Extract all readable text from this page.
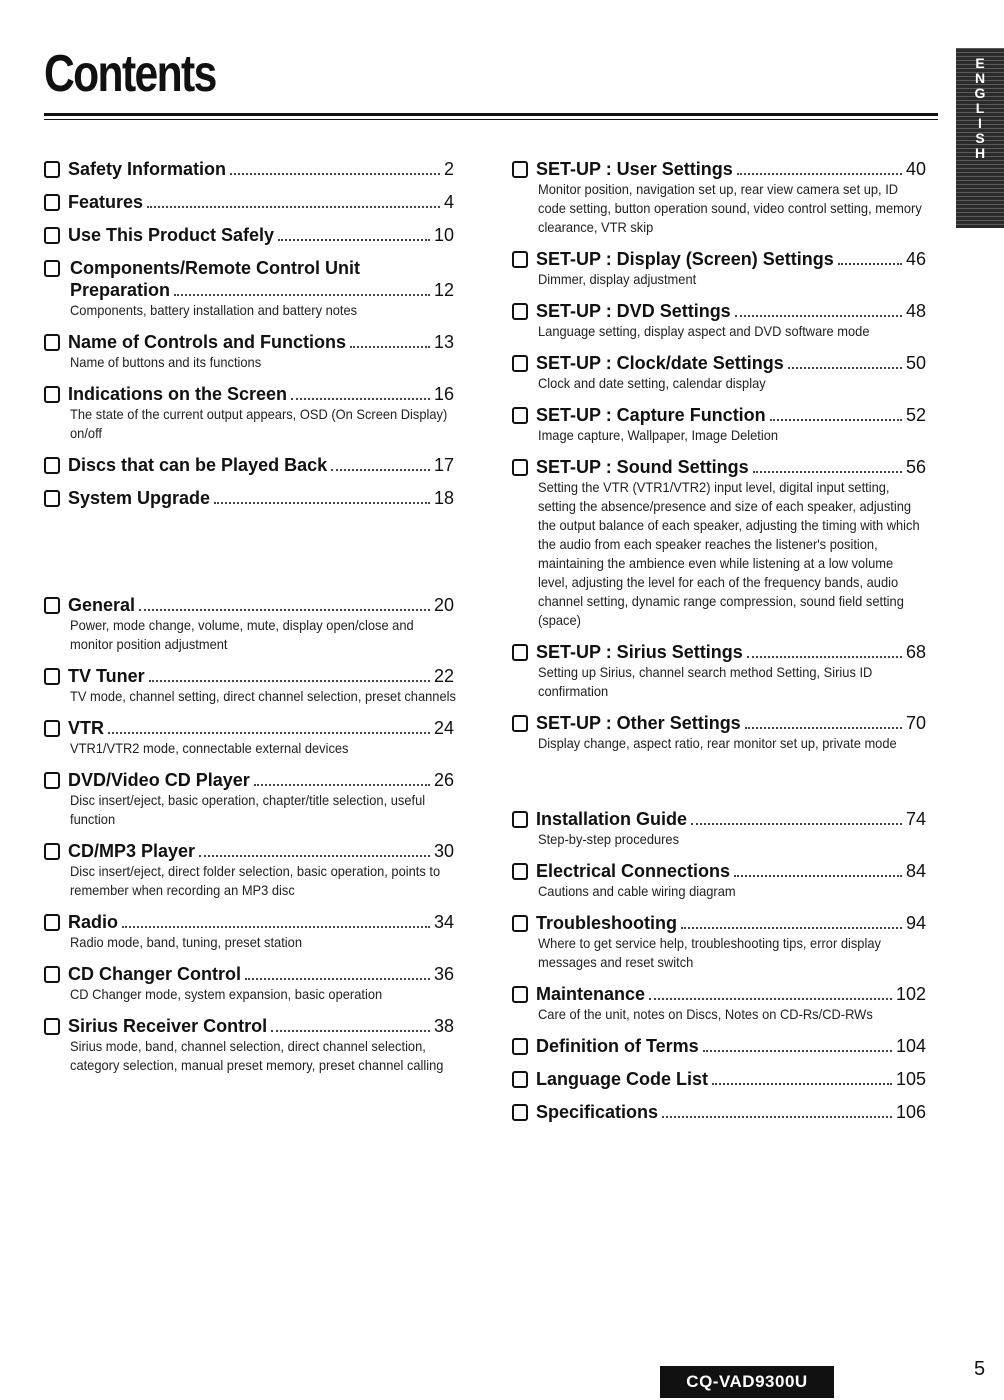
Contents	E
N
G
L
I
S
H
Safety Information	2
Features	4
Use This Product Safely	10
Components/Remote Control Unit
Preparation	12
Components, battery installation and battery notes
Name of Controls and Functions	13
Name of buttons and its functions
Indications on the Screen	16
The state of the current output appears, OSD (On Screen Display) on/off
Discs that can be Played Back	17
System Upgrade	18
General	20
Power, mode change, volume, mute, display open/close and monitor position adjustment
TV Tuner	22
TV mode, channel setting, direct channel selection, preset channels
VTR	24
VTR1/VTR2 mode, connectable external devices
DVD/Video CD Player	26
Disc insert/eject, basic operation, chapter/title selection, useful function
CD/MP3 Player	30
Disc insert/eject, direct folder selection, basic operation, points to remember when recording an MP3 disc
Radio	34
Radio mode, band, tuning, preset station
CD Changer Control	36
CD Changer mode, system expansion, basic operation
Sirius Receiver Control	38
Sirius mode, band, channel selection, direct channel selection, category selection, manual preset memory, preset channel calling
SET-UP : User Settings	40
Monitor position, navigation set up, rear view camera set up, ID code setting, button operation sound, video control setting, memory clearance, VTR skip
SET-UP : Display (Screen) Settings	46
Dimmer, display adjustment
SET-UP : DVD Settings	48
Language setting, display aspect and DVD software mode
SET-UP : Clock/date Settings	50
Clock and date setting, calendar display
SET-UP : Capture Function	52
Image capture, Wallpaper, Image Deletion
SET-UP : Sound Settings	56
Setting the VTR (VTR1/VTR2) input level, digital input setting, setting the absence/presence and size of each speaker, adjusting the output balance of each speaker, adjusting the timing with which the audio from each speaker reaches the listener's position, maintaining the ambience even while listening at a low volume level, adjusting the level for each of the frequency bands, audio channel setting, dynamic range compression, sound field setting (space)
SET-UP : Sirius Settings	68
Setting up Sirius, channel search method Setting, Sirius ID confirmation
SET-UP : Other Settings	70
Display change, aspect ratio, rear monitor set up, private mode
Installation Guide	74
Step-by-step procedures
Electrical Connections	84
Cautions and cable wiring diagram
Troubleshooting	94
Where to get service help, troubleshooting tips, error display messages and reset switch
Maintenance	102
Care of the unit, notes on Discs, Notes on CD-Rs/CD-RWs
Definition of Terms	104
Language Code List	105
Specifications	106
CQ-VAD9300U
5
